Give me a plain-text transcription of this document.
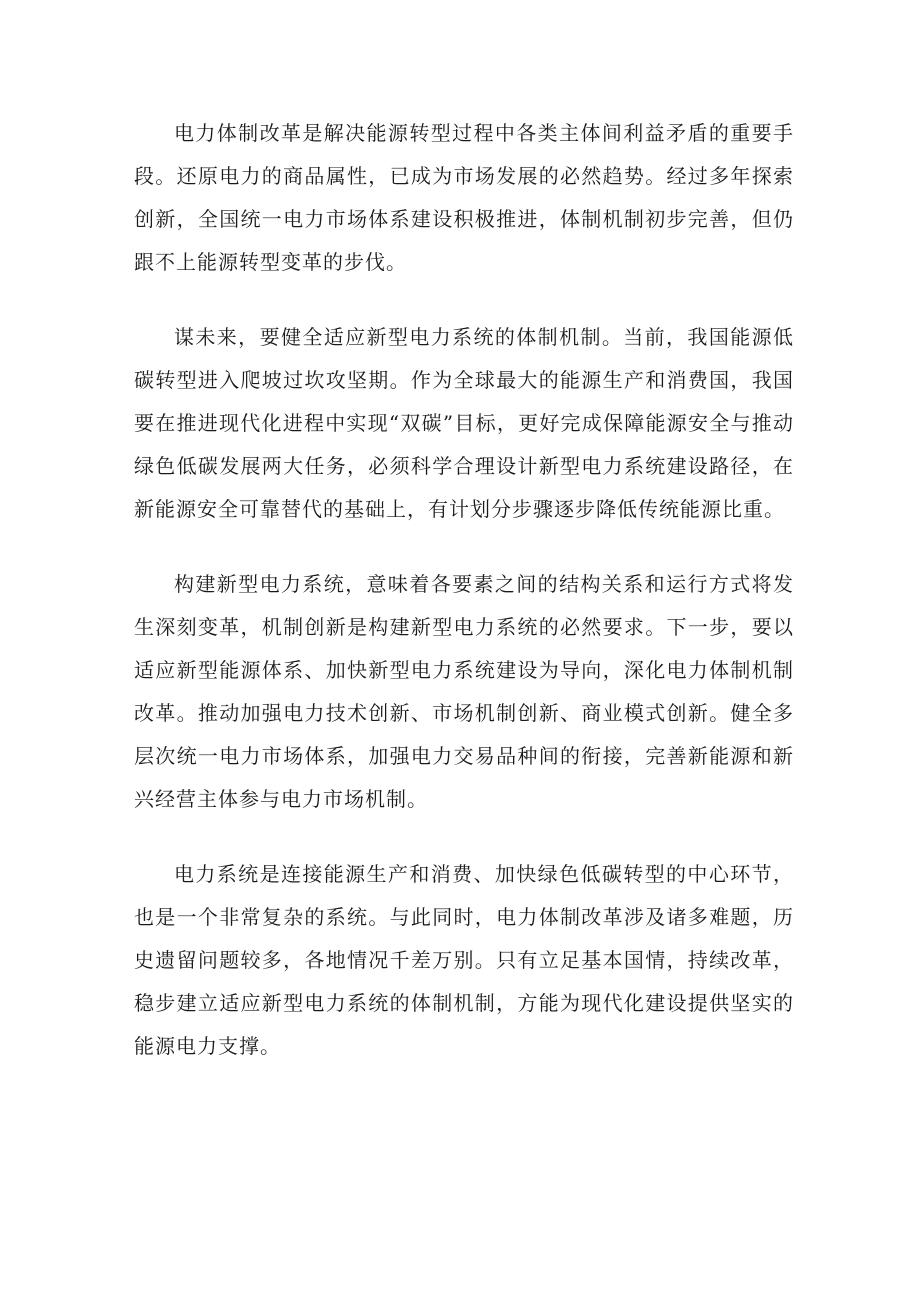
电力体制改革是解决能源转型过程中各类主体间利益矛盾的重要手段。还原电力的商品属性，已成为市场发展的必然趋势。经过多年探索创新，全国统一电力市场体系建设积极推进，体制机制初步完善，但仍跟不上能源转型变革的步伐。

谋未来，要健全适应新型电力系统的体制机制。当前，我国能源低碳转型进入爬坡过坎攻坚期。作为全球最大的能源生产和消费国，我国要在推进现代化进程中实现“双碳”目标，更好完成保障能源安全与推动绿色低碳发展两大任务，必须科学合理设计新型电力系统建设路径，在新能源安全可靠替代的基础上，有计划分步骤逐步降低传统能源比重。

构建新型电力系统，意味着各要素之间的结构关系和运行方式将发生深刻变革，机制创新是构建新型电力系统的必然要求。下一步，要以适应新型能源体系、加快新型电力系统建设为导向，深化电力体制机制改革。推动加强电力技术创新、市场机制创新、商业模式创新。健全多层次统一电力市场体系，加强电力交易品种间的衔接，完善新能源和新兴经营主体参与电力市场机制。

电力系统是连接能源生产和消费、加快绿色低碳转型的中心环节，也是一个非常复杂的系统。与此同时，电力体制改革涉及诸多难题，历史遗留问题较多，各地情况千差万别。只有立足基本国情，持续改革，稳步建立适应新型电力系统的体制机制，方能为现代化建设提供坚实的能源电力支撑。
